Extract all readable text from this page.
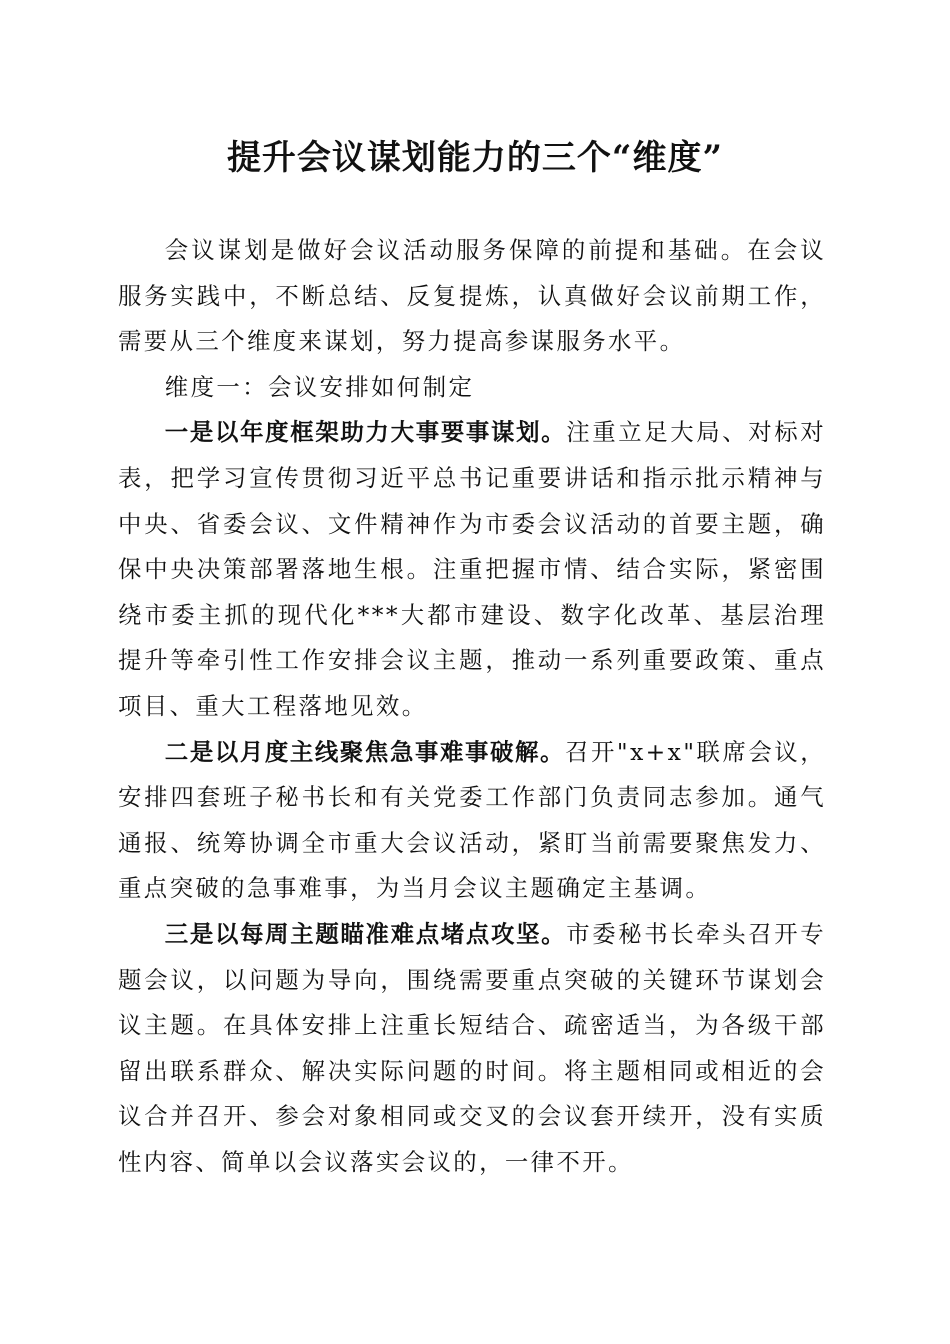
提升会议谋划能力的三个“维度”

会议谋划是做好会议活动服务保障的前提和基础。在会议服务实践中，不断总结、反复提炼，认真做好会议前期工作，需要从三个维度来谋划，努力提高参谋服务水平。

维度一：会议安排如何制定

一是以年度框架助力大事要事谋划。注重立足大局、对标对表，把学习宣传贯彻习近平总书记重要讲话和指示批示精神与中央、省委会议、文件精神作为市委会议活动的首要主题，确保中央决策部署落地生根。注重把握市情、结合实际，紧密围绕市委主抓的现代化***大都市建设、数字化改革、基层治理提升等牵引性工作安排会议主题，推动一系列重要政策、重点项目、重大工程落地见效。

二是以月度主线聚焦急事难事破解。召开"x+x"联席会议，安排四套班子秘书长和有关党委工作部门负责同志参加。通气通报、统筹协调全市重大会议活动，紧盯当前需要聚焦发力、重点突破的急事难事，为当月会议主题确定主基调。

三是以每周主题瞄准难点堵点攻坚。市委秘书长牵头召开专题会议，以问题为导向，围绕需要重点突破的关键环节谋划会议主题。在具体安排上注重长短结合、疏密适当，为各级干部留出联系群众、解决实际问题的时间。将主题相同或相近的会议合并召开、参会对象相同或交叉的会议套开续开，没有实质性内容、简单以会议落实会议的，一律不开。
